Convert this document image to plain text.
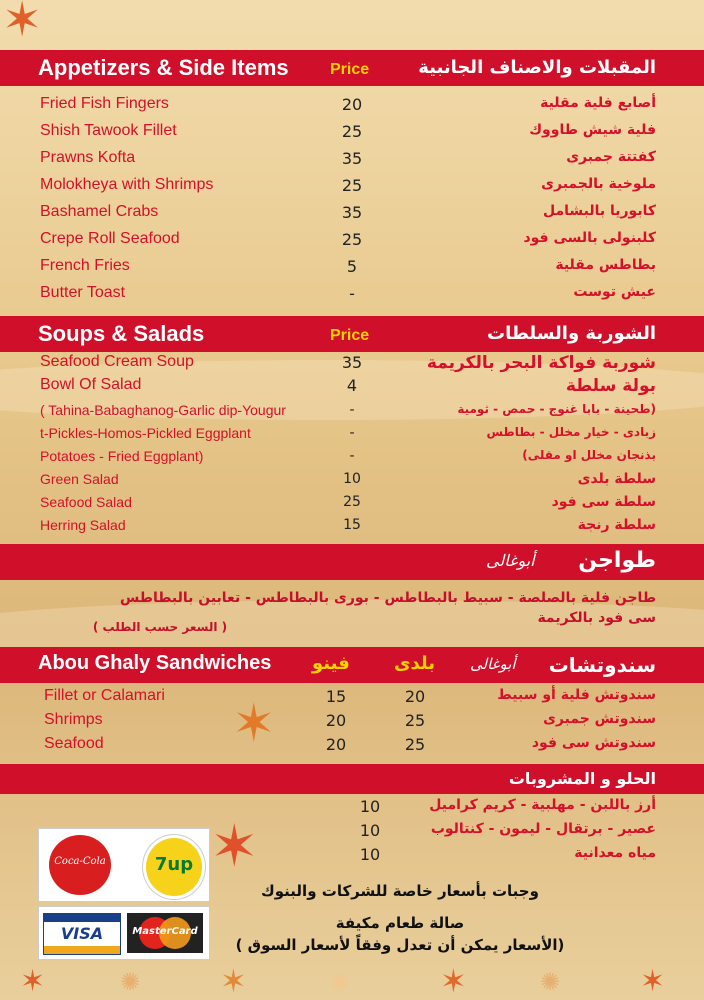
✶
Appetizers & Side Items	Price	المقبلات والاصناف الجانبية
Fried Fish Fingers	20	أصابع فلية مقلية
Shish Tawook Fillet	25	فلية شيش طاووك
Prawns Kofta	35	كفتتة جمبرى
Molokheya with Shrimps	25	ملوخية بالجمبرى
Bashamel Crabs	35	كابوريا بالبشامل
Crepe Roll Seafood	25	كلبنولى بالسى فود
French Fries	5	بطاطس مقلية
Butter Toast	-	عيش توست
Soups & Salads	Price	الشوربة والسلطات
Seafood Cream Soup	35	شوربة فواكة البحر بالكريمة
Bowl Of Salad	4	بولة سلطة
( Tahina-Babaghanog-Garlic dip-Yougur	-	(طحينة - بابا غنوج - حمص - ثومية
t-Pickles-Homos-Pickled Eggplant	-	زبادى - خيار مخلل - بطاطس
Potatoes - Fried Eggplant)	-	بذنجان مخلل او مقلى)
Green Salad	10	سلطة بلدى
Seafood Salad	25	سلطة سى فود
Herring Salad	15	سلطة رنجة
أبوغالى طواجن
طاجن فلية بالصلصة - سبيط بالبطاطس - بورى بالبطاطس - تعابين بالبطاطس
سى فود بالكريمة
( السعر حسب الطلب )
Abou Ghaly Sandwiches فينو بلدى أبوغالى سندوتشات
Fillet or Calamari	15	20	سندوتش فلية أو سبيط
Shrimps	20	25	سندوتش جمبرى
Seafood	20	25	سندوتش سى فود
✶
الحلو و المشروبات
10	أرز باللبن - مهلبية - كريم كراميل
10	عصير - برتقال - ليمون - كنتالوب
10	مياه معدانية
Coca-Cola	7up
VISA	MasterCard
✶
وجبات بأسعار خاصة للشركات والبنوك
صالة طعام مكيفة
(الأسعار يمكن أن تعدل وفقاً لأسعار السوق )
✶	✺ ✶	✺	✶	✺	✶
